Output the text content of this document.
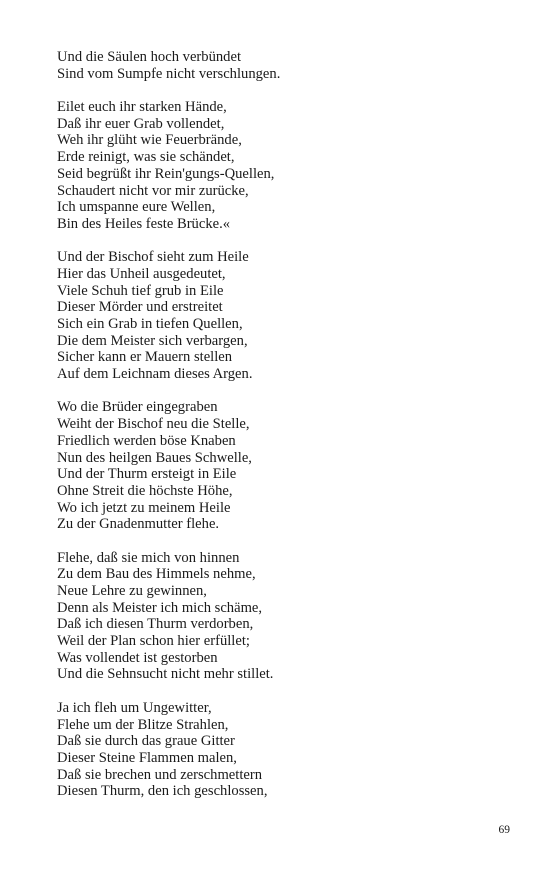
Und die Säulen hoch verbündet
Sind vom Sumpfe nicht verschlungen.
Eilet euch ihr starken Hände,
Daß ihr euer Grab vollendet,
Weh ihr glüht wie Feuerbrände,
Erde reinigt, was sie schändet,
Seid begrüßt ihr Rein'gungs-Quellen,
Schaudert nicht vor mir zurücke,
Ich umspanne eure Wellen,
Bin des Heiles feste Brücke.«
Und der Bischof sieht zum Heile
Hier das Unheil ausgedeutet,
Viele Schuh tief grub in Eile
Dieser Mörder und erstreitet
Sich ein Grab in tiefen Quellen,
Die dem Meister sich verbargen,
Sicher kann er Mauern stellen
Auf dem Leichnam dieses Argen.
Wo die Brüder eingegraben
Weiht der Bischof neu die Stelle,
Friedlich werden böse Knaben
Nun des heilgen Baues Schwelle,
Und der Thurm ersteigt in Eile
Ohne Streit die höchste Höhe,
Wo ich jetzt zu meinem Heile
Zu der Gnadenmutter flehe.
Flehe, daß sie mich von hinnen
Zu dem Bau des Himmels nehme,
Neue Lehre zu gewinnen,
Denn als Meister ich mich schäme,
Daß ich diesen Thurm verdorben,
Weil der Plan schon hier erfüllet;
Was vollendet ist gestorben
Und die Sehnsucht nicht mehr stillet.
Ja ich fleh um Ungewitter,
Flehe um der Blitze Strahlen,
Daß sie durch das graue Gitter
Dieser Steine Flammen malen,
Daß sie brechen und zerschmettern
Diesen Thurm, den ich geschlossen,
69
